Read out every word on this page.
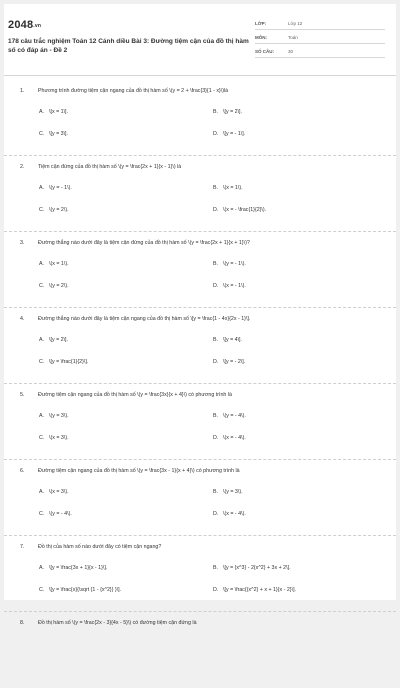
2048.vn
178 câu trắc nghiệm Toán 12 Cánh diều Bài 3: Đường tiệm cận của đồ thị hàm số có đáp án - Đề 2
LỚP:	Lớp 12
MÔN:	Toán
SỐ CÂU:	30
1.	Phương trình đường tiệm cận ngang của đồ thị hàm số \(y = 2 + \frac{3}{1 - x}\)là
A. \[x = 1\].	B. \[y = 2\].
C. \[y = 3\].	D. \[y = - 1\].
2.	Tiệm cận đứng của đồ thị hàm số \(y = \frac{2x + 1}{x - 1}\) là
A. \(y = - 1\).	B. \(x = 1\).
C. \(y = 2\).	D. \(x = - \frac{1}{2}\).
3.	Đường thẳng nào dưới đây là tiệm cận đứng của đồ thị hàm số \(y = \frac{2x + 1}{x + 1}\)?
A. \(x = 1\).	B. \(y = - 1\).
C. \(y = 2\).	D. \(x = - 1\).
4.	Đường thẳng nào dưới đây là tiệm cận ngang của đồ thị hàm số \[y = \frac{1 - 4x}{2x - 1}\].
A. \[y = 2\].	B. \[y = 4\].
C. \[y = \frac{1}{2}\].	D. \[y = - 2\].
5.	Đường tiệm cận ngang của đồ thị hàm số \(y = \frac{3x}{x + 4}\) có phương trình là
A. \(y = 3\).	B. \(y = - 4\).
C. \(x = 3\).	D. \(x = - 4\).
6.	Đường tiệm cận ngang của đồ thị hàm số \(y = \frac{3x - 1}{x + 4}\) có phương trình là
A. \(x = 3\).	B. \(y = 3\).
C. \(y = - 4\).	D. \(x = - 4\).
7.	Đồ thị của hàm số nào dưới đây có tiệm cận ngang?
A. \[y = \frac{3x + 1}{x - 1}\].	B. \[y = {x^3} - 2{x^2} + 3x + 2\].
C. \[y = \frac{x}{\sqrt {1 - {x^2}} }\].	D. \[y = \frac{{x^2} + x + 1}{x - 2}\].
8.	Đồ thị hàm số \(y = \frac{2x - 3}{4x - 5}\) có đường tiệm cận đứng là
